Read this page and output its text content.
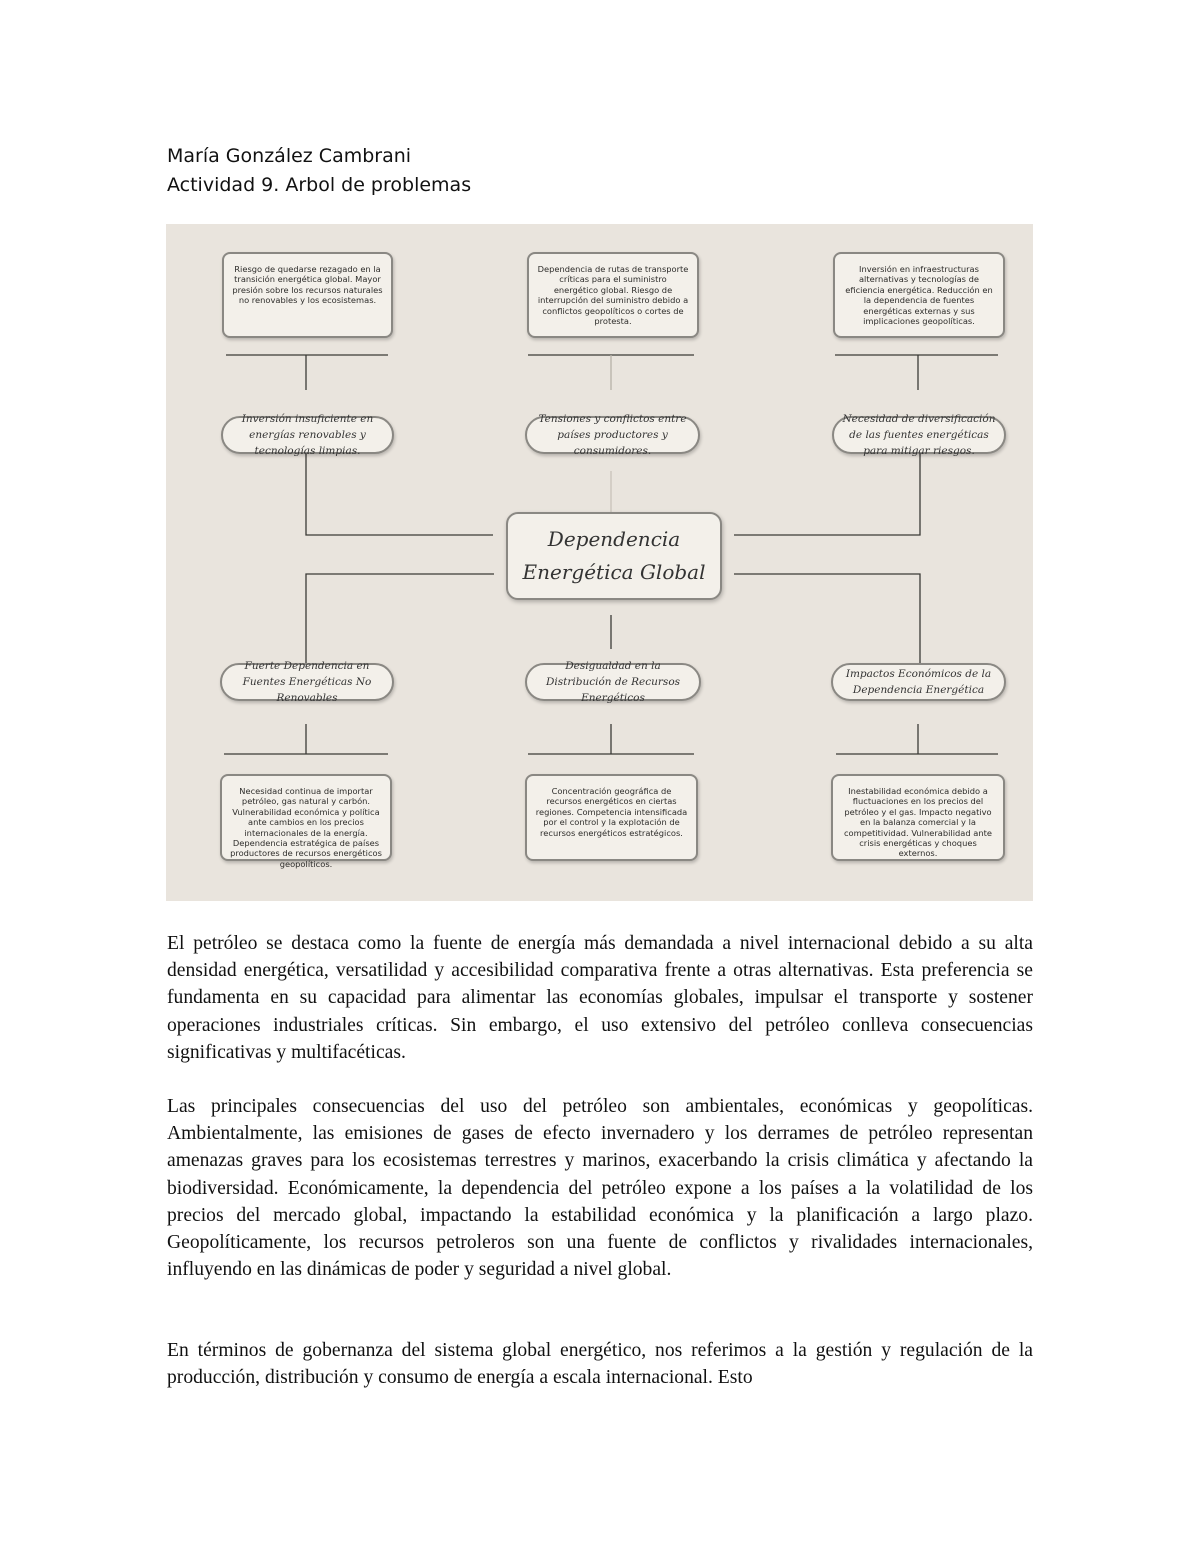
María González Cambrani
Actividad 9. Arbol de problemas
Riesgo de quedarse rezagado en la transición energética global. Mayor presión sobre los recursos naturales no renovables y los ecosistemas.
Dependencia de rutas de transporte críticas para el suministro energético global. Riesgo de interrupción del suministro debido a conflictos geopolíticos o cortes de protesta.
Inversión en infraestructuras alternativas y tecnologías de eficiencia energética. Reducción en la dependencia de fuentes energéticas externas y sus implicaciones geopolíticas.
Inversión insuficiente en energías renovables y tecnologías limpias.
Tensiones y conflictos entre países productores y consumidores.
Necesidad de diversificación de las fuentes energéticas para mitigar riesgos.
Dependencia
Energética Global
Fuerte Dependencia en Fuentes Energéticas No Renovables
Desigualdad en la Distribución de Recursos Energéticos
Impactos Económicos de la Dependencia Energética
Necesidad continua de importar petróleo, gas natural y carbón. Vulnerabilidad económica y política ante cambios en los precios internacionales de la energía. Dependencia estratégica de países productores de recursos energéticos geopolíticos.
Concentración geográfica de recursos energéticos en ciertas regiones. Competencia intensificada por el control y la explotación de recursos energéticos estratégicos.
Inestabilidad económica debido a fluctuaciones en los precios del petróleo y el gas. Impacto negativo en la balanza comercial y la competitividad. Vulnerabilidad ante crisis energéticas y choques externos.

El petróleo se destaca como la fuente de energía más demandada a nivel internacional debido a su alta densidad energética, versatilidad y accesibilidad comparativa frente a otras alternativas. Esta preferencia se fundamenta en su capacidad para alimentar las economías globales, impulsar el transporte y sostener operaciones industriales críticas. Sin embargo, el uso extensivo del petróleo conlleva consecuencias significativas y multifacéticas.

Las principales consecuencias del uso del petróleo son ambientales, económicas y geopolíticas. Ambientalmente, las emisiones de gases de efecto invernadero y los derrames de petróleo representan amenazas graves para los ecosistemas terrestres y marinos, exacerbando la crisis climática y afectando la biodiversidad. Económicamente, la dependencia del petróleo expone a los países a la volatilidad de los precios del mercado global, impactando la estabilidad económica y la planificación a largo plazo. Geopolíticamente, los recursos petroleros son una fuente de conflictos y rivalidades internacionales, influyendo en las dinámicas de poder y seguridad a nivel global.

En términos de gobernanza del sistema global energético, nos referimos a la gestión y regulación de la producción, distribución y consumo de energía a escala internacional. Esto
